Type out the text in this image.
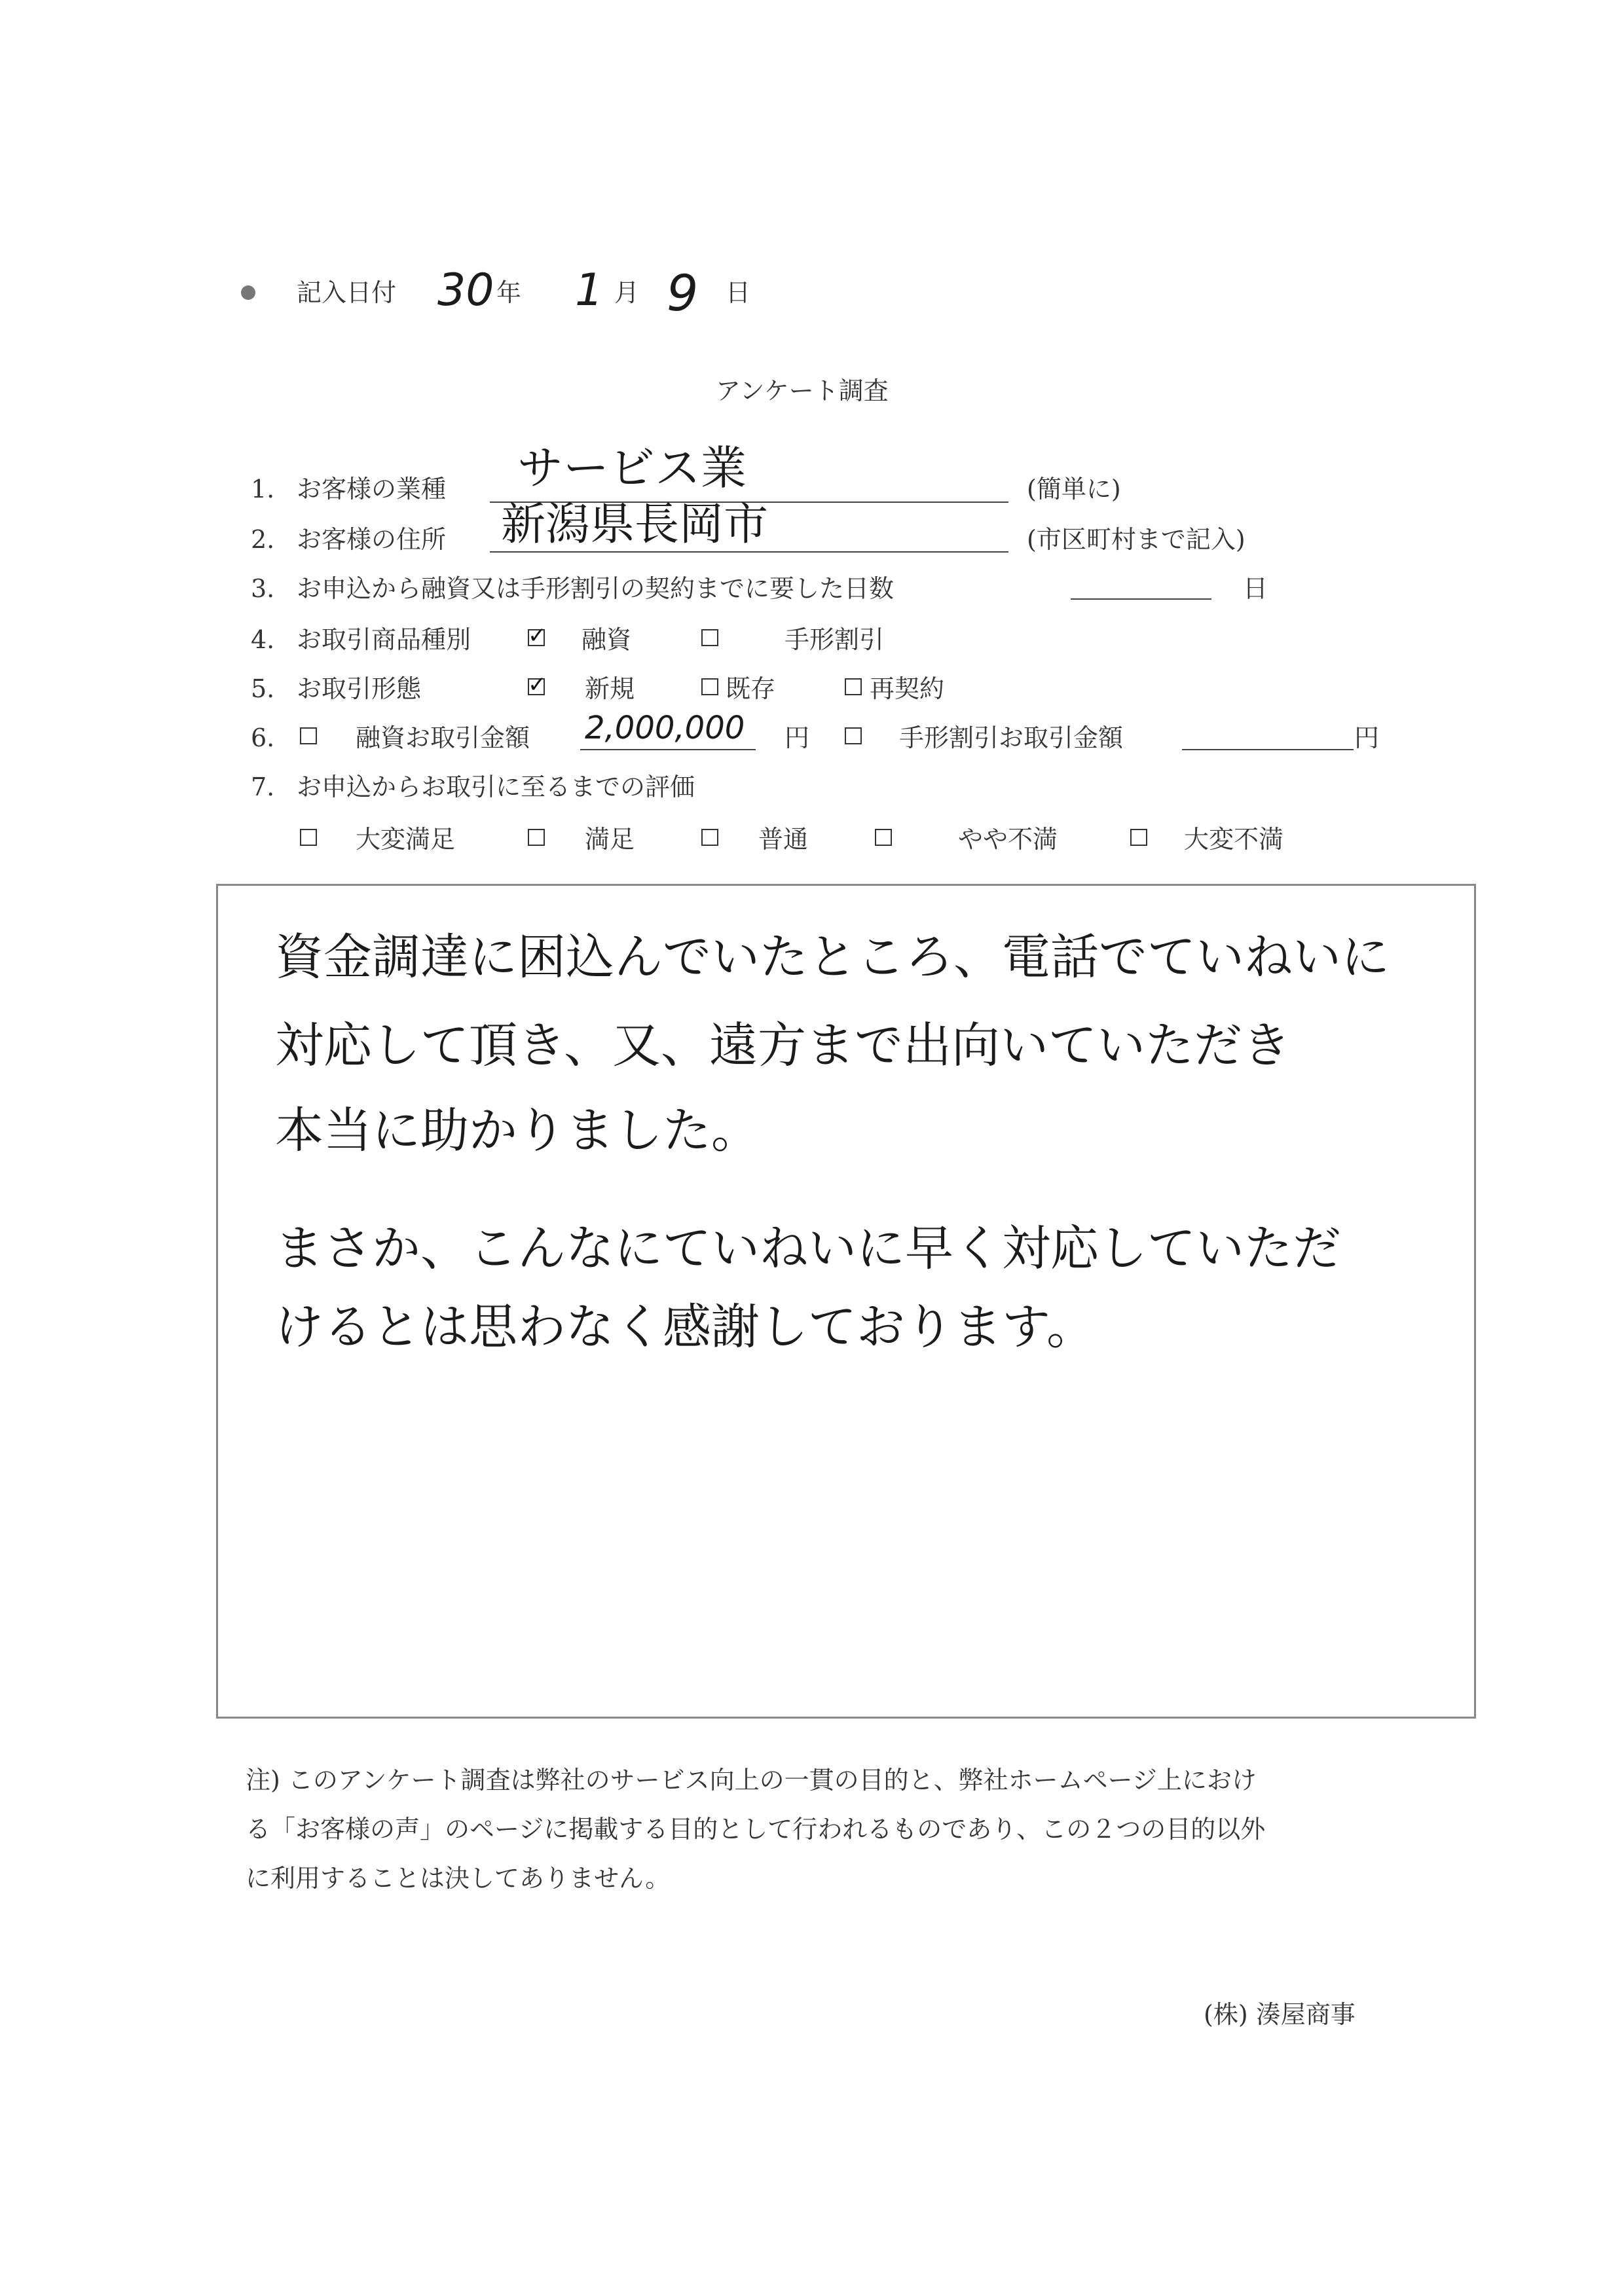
記入日付 30 年 1 月 9 日
アンケート調査
1. お客様の業種 サービス業	(簡単に)
2. お客様の住所 新潟県長岡市	(市区町村まで記入)
3. お申込から融資又は手形割引の契約までに要した日数	日
4. お取引商品種別 ✓	融資	手形割引
5. お取引形態 ✓	新規	既存	再契約
6.	融資お取引金額 2,000,000 円	手形割引お取引金額	円
7. お申込からお取引に至るまでの評価
大変満足	満足	普通	やや不満	大変不満
資金調達に困込んでいたところ、電話でていねいに
対応して頂き、又、遠方まで出向いていただき
本当に助かりました。
まさか、こんなにていねいに早く対応していただ
けるとは思わなく感謝しております。
注) このアンケート調査は弊社のサービス向上の一貫の目的と、弊社ホームページ上におけ
る「お客様の声」のページに掲載する目的として行われるものであり、この２つの目的以外
に利用することは決してありません。
(株) 湊屋商事
